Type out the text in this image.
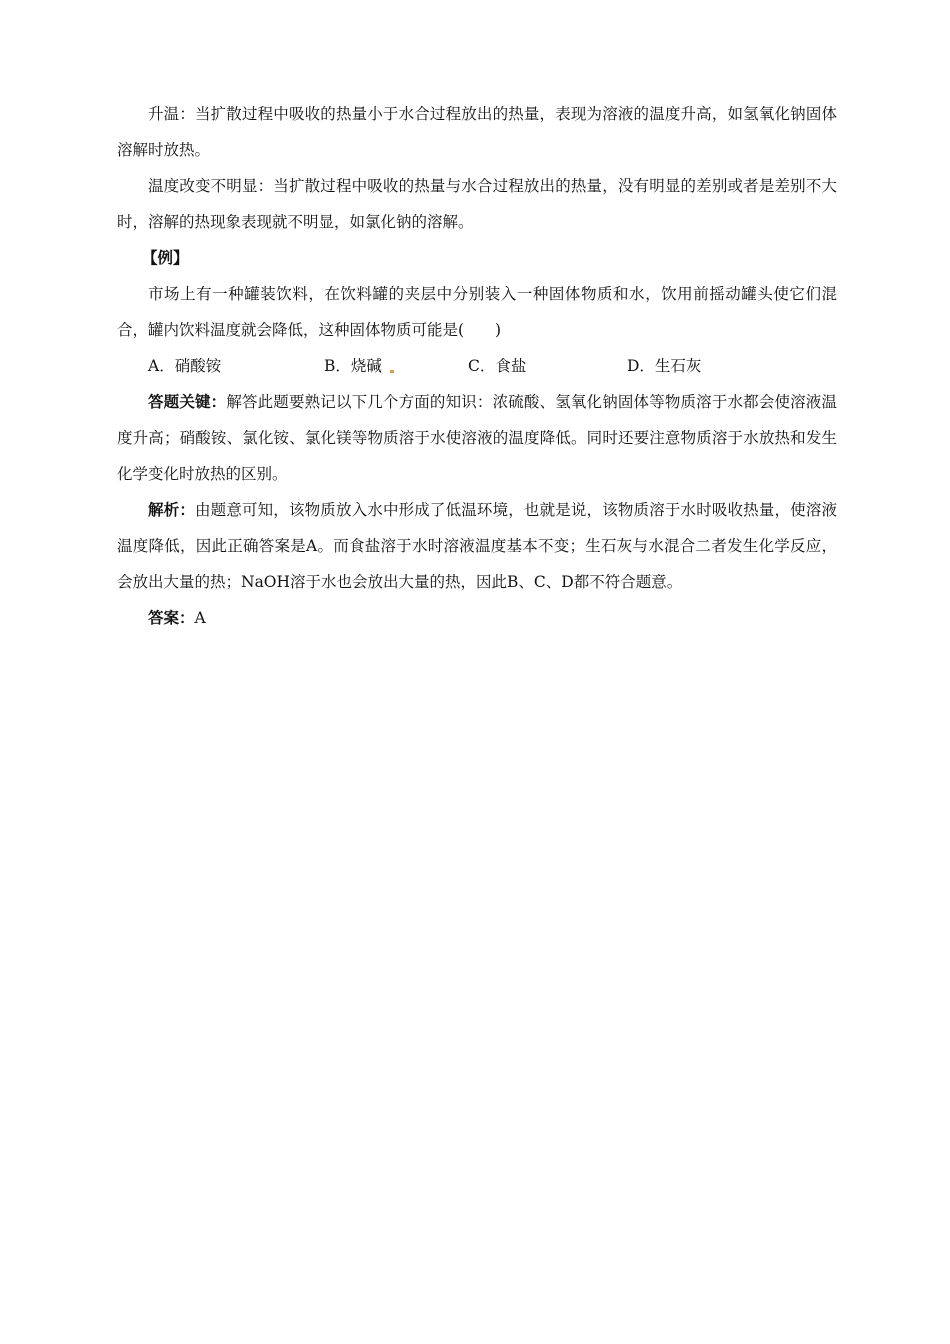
升温：当扩散过程中吸收的热量小于水合过程放出的热量，表现为溶液的温度升高，如氢氧化钠固体溶解时放热。

温度改变不明显：当扩散过程中吸收的热量与水合过程放出的热量，没有明显的差别或者是差别不大时，溶解的热现象表现就不明显，如氯化钠的溶解。

【例】

市场上有一种罐装饮料，在饮料罐的夹层中分别装入一种固体物质和水，饮用前摇动罐头使它们混合，罐内饮料温度就会降低，这种固体物质可能是(　　)

A．硝酸铵	B．烧碱	C．食盐	D．生石灰

答题关键：解答此题要熟记以下几个方面的知识：浓硫酸、氢氧化钠固体等物质溶于水都会使溶液温度升高；硝酸铵、氯化铵、氯化镁等物质溶于水使溶液的温度降低。同时还要注意物质溶于水放热和发生化学变化时放热的区别。

解析：由题意可知，该物质放入水中形成了低温环境，也就是说，该物质溶于水时吸收热量，使溶液温度降低，因此正确答案是A。而食盐溶于水时溶液温度基本不变；生石灰与水混合二者发生化学反应，会放出大量的热；NaOH溶于水也会放出大量的热，因此B、C、D都不符合题意。

答案：A
